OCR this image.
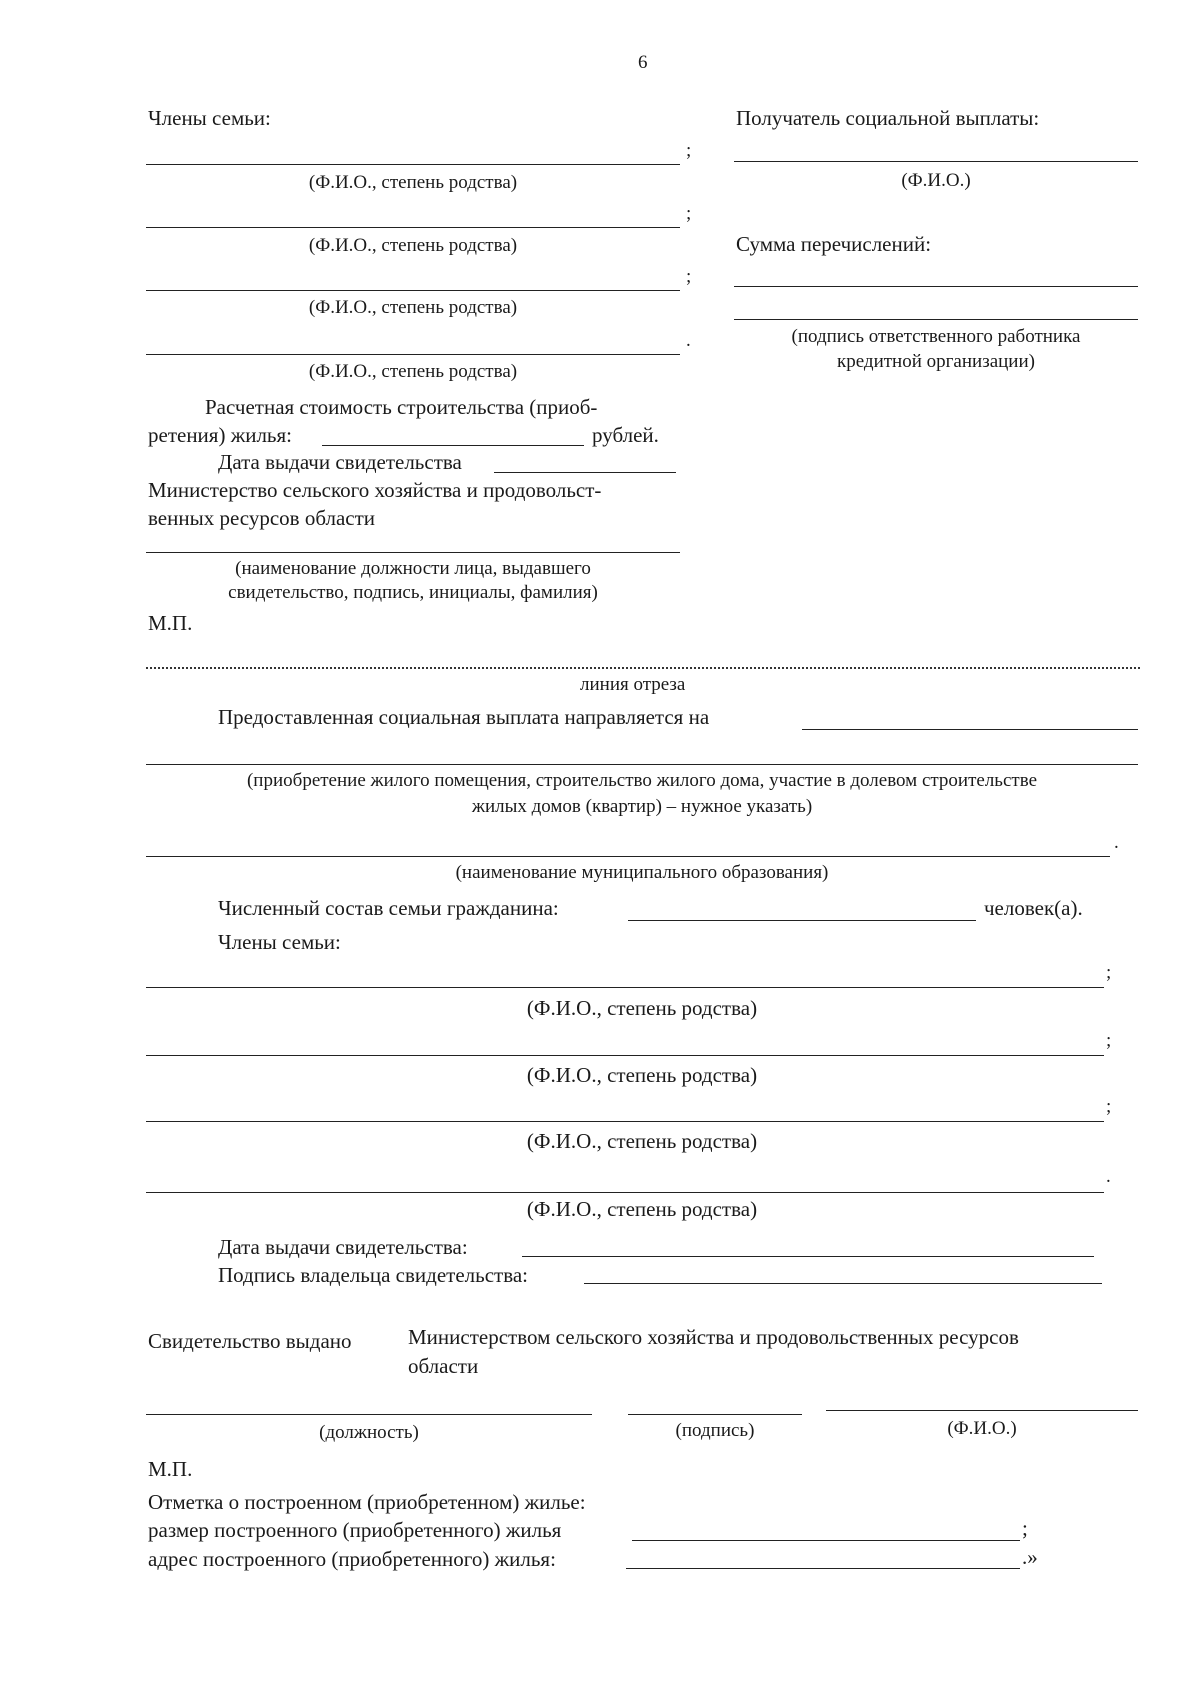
6
Члены семьи:
;
(Ф.И.О., степень родства)
;
(Ф.И.О., степень родства)
;
(Ф.И.О., степень родства)
.
(Ф.И.О., степень родства)
Расчетная стоимость строительства (приоб-
ретения) жилья:	рублей.
Дата выдачи свидетельства
Министерство сельского хозяйства и продовольст-
венных ресурсов области
(наименование должности лица, выдавшего
свидетельство, подпись, инициалы, фамилия)
М.П.
Получатель социальной выплаты:
(Ф.И.О.)
Сумма перечислений:
(подпись ответственного работника
кредитной организации)
линия отреза
Предоставленная социальная выплата направляется на
(приобретение жилого помещения, строительство жилого дома, участие в долевом строительстве
жилых домов (квартир) – нужное указать)
.
(наименование муниципального образования)
Численный состав семьи гражданина:	человек(а).
Члены семьи:
;
(Ф.И.О., степень родства)
;
(Ф.И.О., степень родства)
;
(Ф.И.О., степень родства)
.
(Ф.И.О., степень родства)
Дата выдачи свидетельства:
Подпись владельца свидетельства:
Свидетельство выдано	Министерством сельского хозяйства и продовольственных ресурсов
области
(должность)	(подпись)	(Ф.И.О.)
М.П.
Отметка о построенном (приобретенном) жилье:
размер построенного (приобретенного) жилья	;
адрес построенного (приобретенного) жилья:	.»
